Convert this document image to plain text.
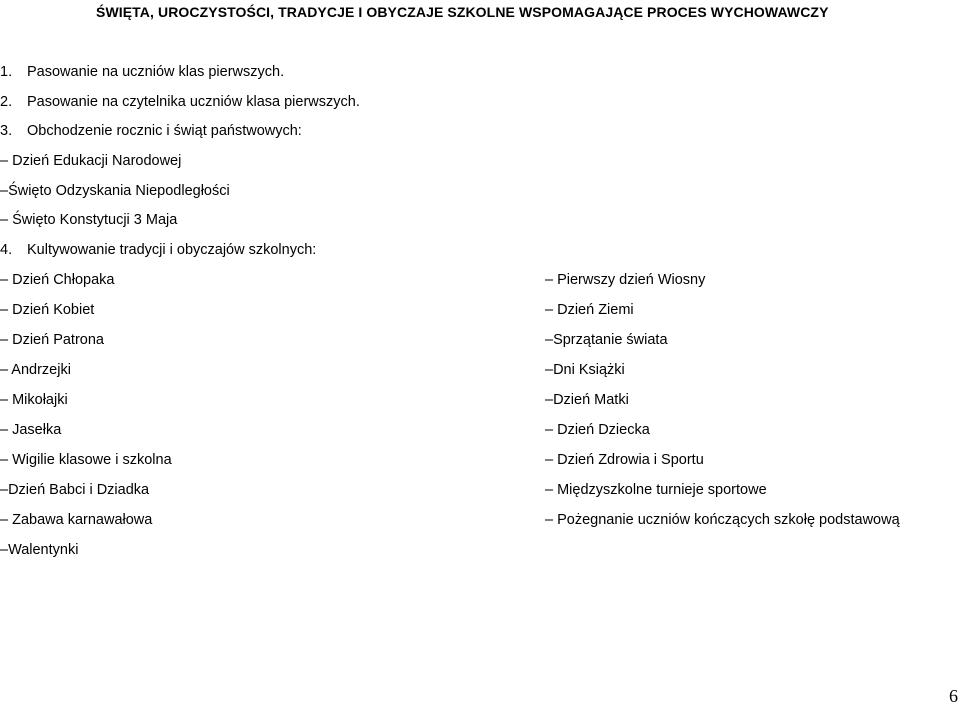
ŚWIĘTA, UROCZYSTOŚCI, TRADYCJE I OBYCZAJE SZKOLNE WSPOMAGAJĄCE PROCES WYCHOWAWCZY
1. Pasowanie na uczniów klas pierwszych.
2. Pasowanie na czytelnika uczniów klasa pierwszych.
3. Obchodzenie rocznic i świąt państwowych:
– Dzień Edukacji Narodowej
–Święto Odzyskania Niepodległości
– Święto Konstytucji 3 Maja
4. Kultywowanie tradycji i obyczajów szkolnych:
– Dzień Chłopaka
– Dzień Kobiet
– Dzień Patrona
– Andrzejki
– Mikołajki
– Jasełka
– Wigilie klasowe i szkolna
–Dzień Babci i Dziadka
– Zabawa karnawałowa
–Walentynki
– Pierwszy dzień Wiosny
– Dzień Ziemi
–Sprzątanie świata
–Dni Książki
–Dzień Matki
– Dzień Dziecka
– Dzień Zdrowia i Sportu
– Międzyszkolne turnieje sportowe
– Pożegnanie uczniów kończących szkołę podstawową
6
